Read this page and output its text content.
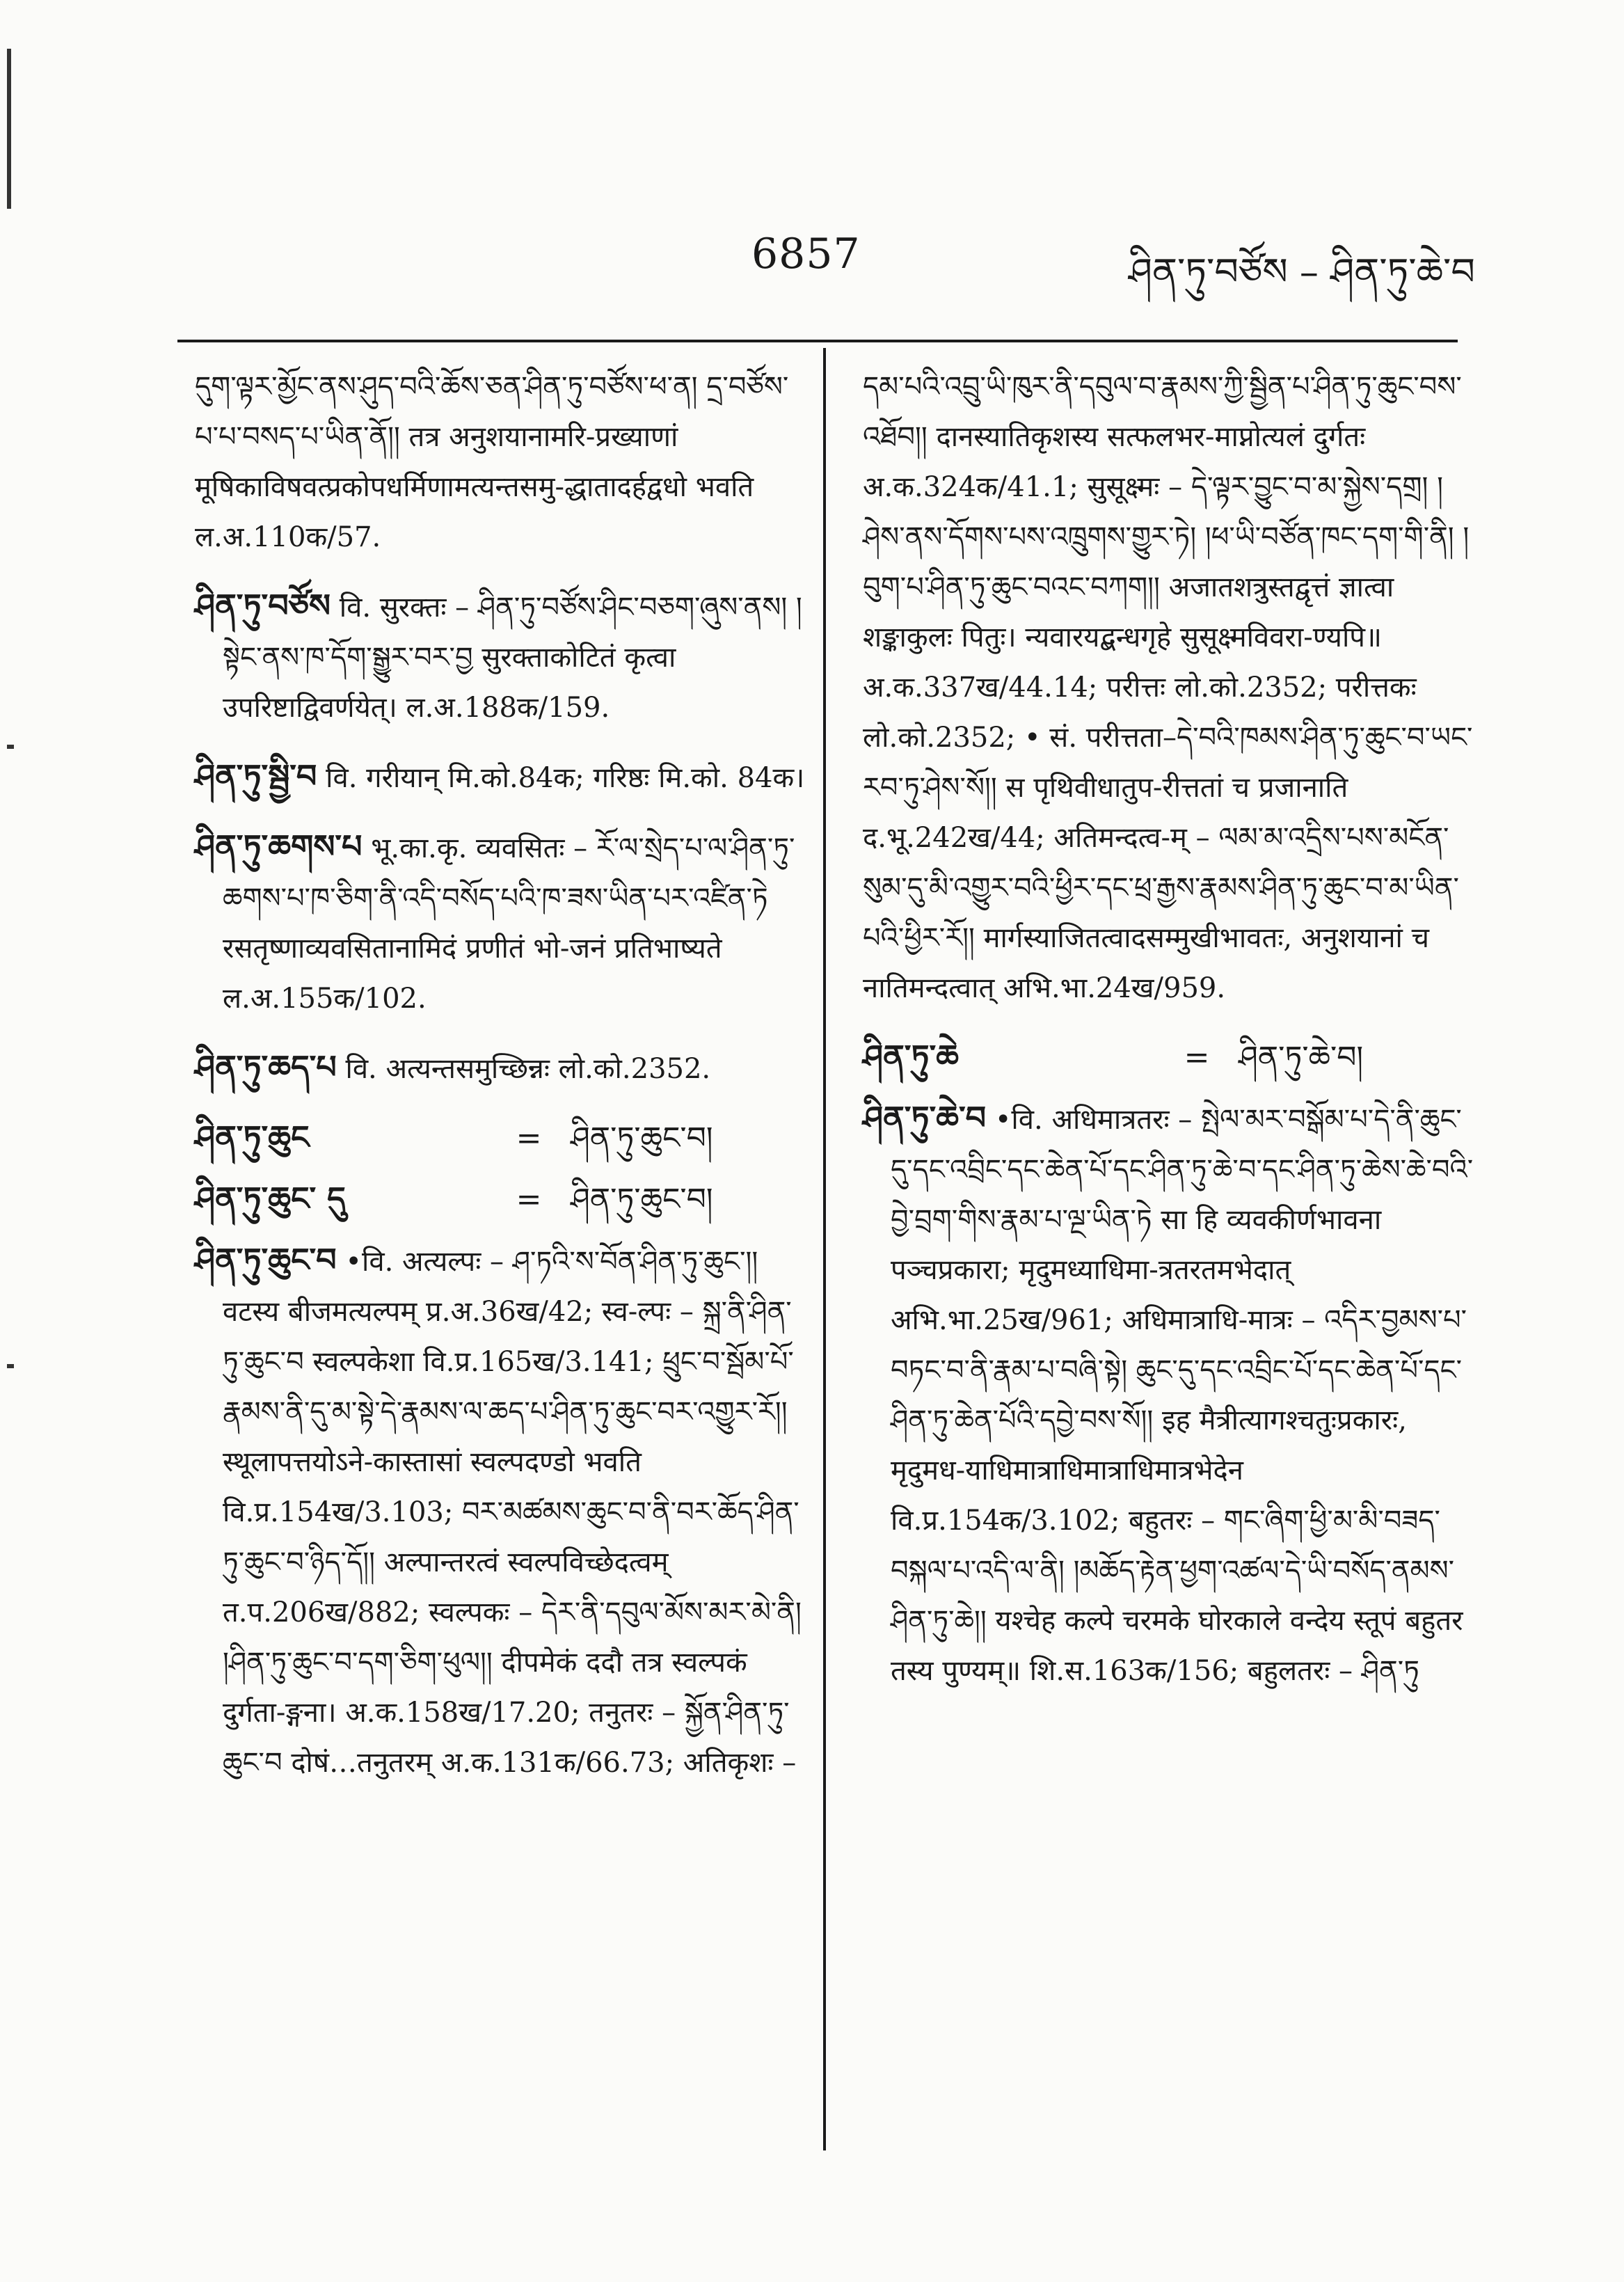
6857	ཤིན་ཏུ་བཙོས – ཤིན་ཏུ་ཆེ་བ

དུག་ལྟར་མྱོང་ནས་ཤུད་བའི་ཆོས་ཅན་ཤིན་ཏུ་བཙོས་ཕ་ན། དྲ་བཙོས་པ་པ་བསད་པ་ཡིན་ནོ།། तत्र अनुशयानामरि-प्रख्याणां मूषिकाविषवत्प्रकोपधर्मिणामत्यन्तसमु-द्धातादर्हद्वधो भवति ल.अ.110क/57.

ཤིན་ཏུ་བཙོས वि. सुरक्तः – ཤིན་ཏུ་བཙོས་ཤིང་བཅག་ཞུས་ནས། །སྟེང་ནས་ཁ་དོག་སྒྱུར་བར་བྱ सुरक्ताकोटितं कृत्वा उपरिष्टाद्विवर्णयेत्। ल.अ.188क/159.

ཤིན་ཏུ་སྦྱི་བ वि. गरीयान् मि.को.84क; गरिष्ठः मि.को. 84क।

ཤིན་ཏུ་ཆགས་པ भू.का.कृ. व्यवसितः – རོ་ལ་སྲེད་པ་ལ་ཤིན་ཏུ་ཆགས་པ་ཁ་ཅིག་ནི་འདི་བསོད་པའི་ཁ་ཟས་ཡིན་པར་འཛིན་ཏེ रसतृष्णाव्यवसितानामिदं प्रणीतं भो-जनं प्रतिभाष्यते ल.अ.155क/102.

ཤིན་ཏུ་ཆད་པ वि. अत्यन्तसमुच्छिन्नः लो.को.2352.

ཤིན་ཏུ་ཆུང	= ཤིན་ཏུ་ཆུང་བ།
ཤིན་ཏུ་ཆུང་ དུ	= ཤིན་ཏུ་ཆུང་བ།

ཤིན་ཏུ་ཆུང་བ •वि. अत्यल्पः – ཤ་ཏའི་ས་བོན་ཤིན་ཏུ་ཆུང་།། वटस्य बीजमत्यल्पम् प्र.अ.36ख/42; स्व-ल्पः – སྐྲ་ནི་ཤིན་ཏུ་ཆུང་བ स्वल्पकेशा वि.प्र.165ख/3.141; ཕྲུང་བ་སྦོམ་པོ་རྣམས་ནི་དུ་མ་སྟེ་དེ་རྣམས་ལ་ཆད་པ་ཤིན་ཏུ་ཆུང་བར་འགྱུར་རོ།། स्थूलापत्तयोऽने-कास्तासां स्वल्पदण्डो भवति वि.प्र.154ख/3.103; བར་མཚམས་ཆུང་བ་ནི་བར་ཆོད་ཤིན་ཏུ་ཆུང་བ་ཉིད་དོ།། अल्पान्तरत्वं स्वल्पविच्छेदत्वम् त.प.206ख/882; स्वल्पकः – དེར་ནི་དབུལ་མོས་མར་མེ་ནི། །ཤིན་ཏུ་ཆུང་བ་དག་ཅིག་ཕུལ།། दीपमेकं ददौ तत्र स्वल्पकं दुर्गता-ङ्गना। अ.क.158ख/17.20; तनुतरः – སྐྱོན་ཤིན་ཏུ་ཆུང་བ दोषं…तनुतरम् अ.क.131क/66.73; अतिकृशः –

དམ་པའི་འབྲུ་ཡི་ཁུར་ནི་དབུལ་བ་རྣམས་ཀྱི་སྦྱིན་པ་ཤིན་ཏུ་ཆུང་བས་འཐོབ།། दानस्यातिकृशस्य सत्फलभर-माप्नोत्यलं दुर्गतः अ.क.324क/41.1; सुसूक्ष्मः – དེ་ལྟར་བྱུང་བ་མ་སྐྱེས་དགྲ། །ཤེས་ནས་དོགས་པས་འཁྲུགས་གྱུར་ཏེ། །ཕ་ཡི་བཙོན་ཁང་དག་གི་ནི། །བུག་པ་ཤིན་ཏུ་ཆུང་བའང་བཀག།། अजातशत्रुस्तद्वृत्तं ज्ञात्वा शङ्काकुलः पितुः। न्यवारयद्बन्धगृहे सुसूक्ष्मविवरा-ण्यपि॥ अ.क.337ख/44.14; परीत्तः लो.को.2352; परीत्तकः लो.को.2352; • सं. परीत्तता–དེ་བའི་ཁམས་ཤིན་ཏུ་ཆུང་བ་ཡང་རབ་ཏུ་ཤེས་སོ།། स पृथिवीधातुप-रीत्ततां च प्रजानाति द.भू.242ख/44; अतिमन्दत्व-म् – ལམ་མ་འདྲིས་པས་མངོན་སུམ་དུ་མི་འགྱུར་བའི་ཕྱིར་དང་ཕྲ་རྒྱས་རྣམས་ཤིན་ཏུ་ཆུང་བ་མ་ཡིན་པའི་ཕྱིར་རོ།། मार्गस्याजितत्वादसम्मुखीभावतः, अनुशयानां च नातिमन्दत्वात् अभि.भा.24ख/959.

ཤིན་ཏུ་ཆེ	= ཤིན་ཏུ་ཆེ་བ།

ཤིན་ཏུ་ཆེ་བ •वि. अधिमात्रतरः – སྤེལ་མར་བསྒོམ་པ་དེ་ནི་ཆུང་དུ་དང་འབྲིང་དང་ཆེན་པོ་དང་ཤིན་ཏུ་ཆེ་བ་དང་ཤིན་ཏུ་ཆེས་ཆེ་བའི་བྱེ་བྲག་གིས་རྣམ་པ་ལྔ་ཡིན་ཏེ सा हि व्यवकीर्णभावना पञ्चप्रकारा; मृदुमध्याधिमा-त्रतरतमभेदात् अभि.भा.25ख/961; अधिमात्राधि-मात्रः – འདིར་བྱམས་པ་བཏང་བ་ནི་རྣམ་པ་བཞི་སྟེ། ཆུང་དུ་དང་འབྲིང་པོ་དང་ཆེན་པོ་དང་ཤིན་ཏུ་ཆེན་པོའི་དབྱེ་བས་སོ།། इह मैत्रीत्यागश्चतुःप्रकारः, मृदुमध-याधिमात्राधिमात्राधिमात्रभेदेन वि.प्र.154क/3.102; बहुतरः – གང་ཞིག་ཕྱི་མ་མི་བཟད་བསྐལ་པ་འདི་ལ་ནི། །མཆོད་རྟེན་ཕྱག་འཚལ་དེ་ཡི་བསོད་ནམས་ཤིན་ཏུ་ཆེ།། यश्चेह कल्पे चरमके घोरकाले वन्देय स्तूपं बहुतर तस्य पुण्यम्॥ शि.स.163क/156; बहुलतरः – ཤིན་ཏུ
